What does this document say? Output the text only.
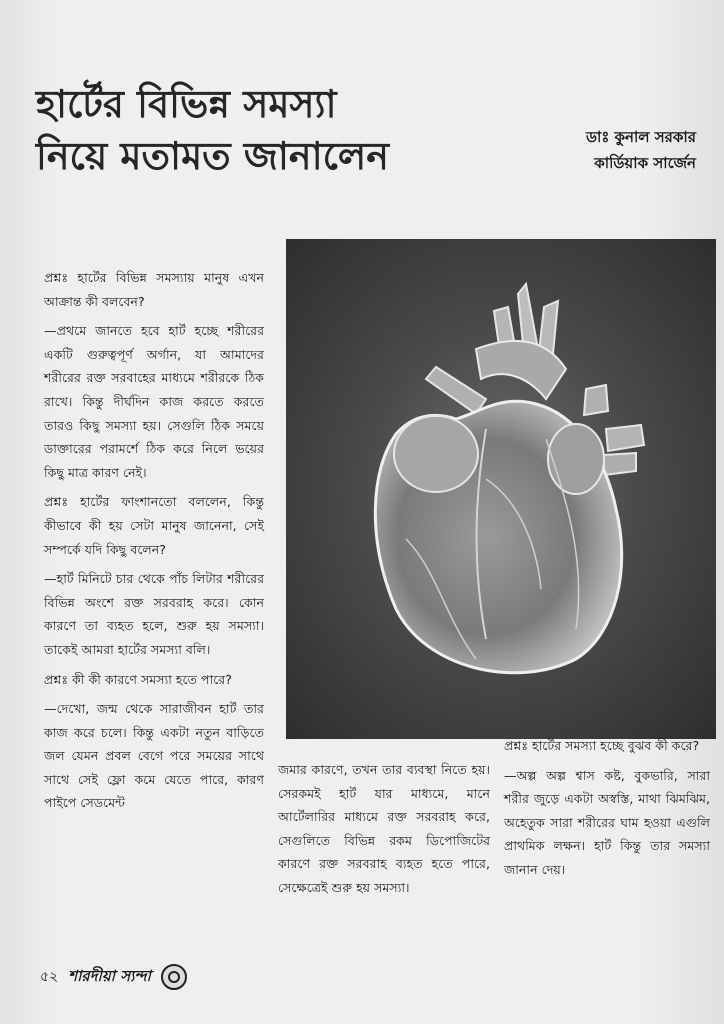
হার্টের বিভিন্ন সমস্যা
নিয়ে মতামত জানালেন	ডাঃ কুনাল সরকার
কার্ডিয়াক সার্জেন

প্রশ্নঃ হার্টের বিভিন্ন সমস্যায় মানুষ এখন আক্রান্ত কী বলবেন?

—প্রথমে জানতে হবে হার্ট হচ্ছে শরীরের একটি গুরুত্বপূর্ণ অর্গান, যা আমাদের শরীরের রক্ত সরবাহের মাধ্যমে শরীরকে ঠিক রাখে। কিন্তু দীর্ঘদিন কাজ করতে করতে তারও কিছু সমস্যা হয়। সেগুলি ঠিক সময়ে ডাক্তারের পরামর্শে ঠিক করে নিলে ভয়ের কিছু মাত্র কারণ নেই।

প্রশ্নঃ হার্টের ফাংশানতো বললেন, কিন্তু কীভাবে কী হয় সেটা মানুষ জানেনা, সেই সম্পর্কে যদি কিছু বলেন?

—হার্ট মিনিটে চার থেকে পাঁচ লিটার শরীরের বিভিন্ন অংশে রক্ত সরবরাহ করে। কোন কারণে তা ব্যহত হলে, শুরু হয় সমস্যা। তাকেই আমরা হার্টের সমস্যা বলি।

প্রশ্নঃ কী কী কারণে সমস্যা হতে পারে?

—দেখো, জন্ম থেকে সারাজীবন হার্ট তার কাজ করে চলে। কিন্তু একটা নতুন বাড়িতে জল যেমন প্রবল বেগে পরে সময়ের সাথে সাথে সেই ফ্লো কমে যেতে পারে, কারণ পাইপে সেডমেন্ট

জমার কারণে, তখন তার ব্যবস্থা নিতে হয়। সেরকমই হার্ট যার মাধ্যমে, মানে আর্টেলারির মাধ্যমে রক্ত সরবরাহ করে, সেগুলিতে বিভিন্ন রকম ডিপোজিটের কারণে রক্ত সরবরাহ ব্যহত হতে পারে, সেক্ষেত্রেই শুরু হয় সমস্যা।

প্রশ্নঃ হার্টের সমস্যা হচ্ছে বুঝব কী করে?

—অল্প অল্প শ্বাস কষ্ট, বুকভারি, সারা শরীর জুড়ে একটা অস্বস্তি, মাথা ঝিমঝিম, অহেতুক সারা শরীরের ঘাম হওয়া এগুলি প্রাথমিক লক্ষন। হার্ট কিন্তু তার সমস্যা জানান দেয়।

৫২ শারদীয়া স্যন্দা
